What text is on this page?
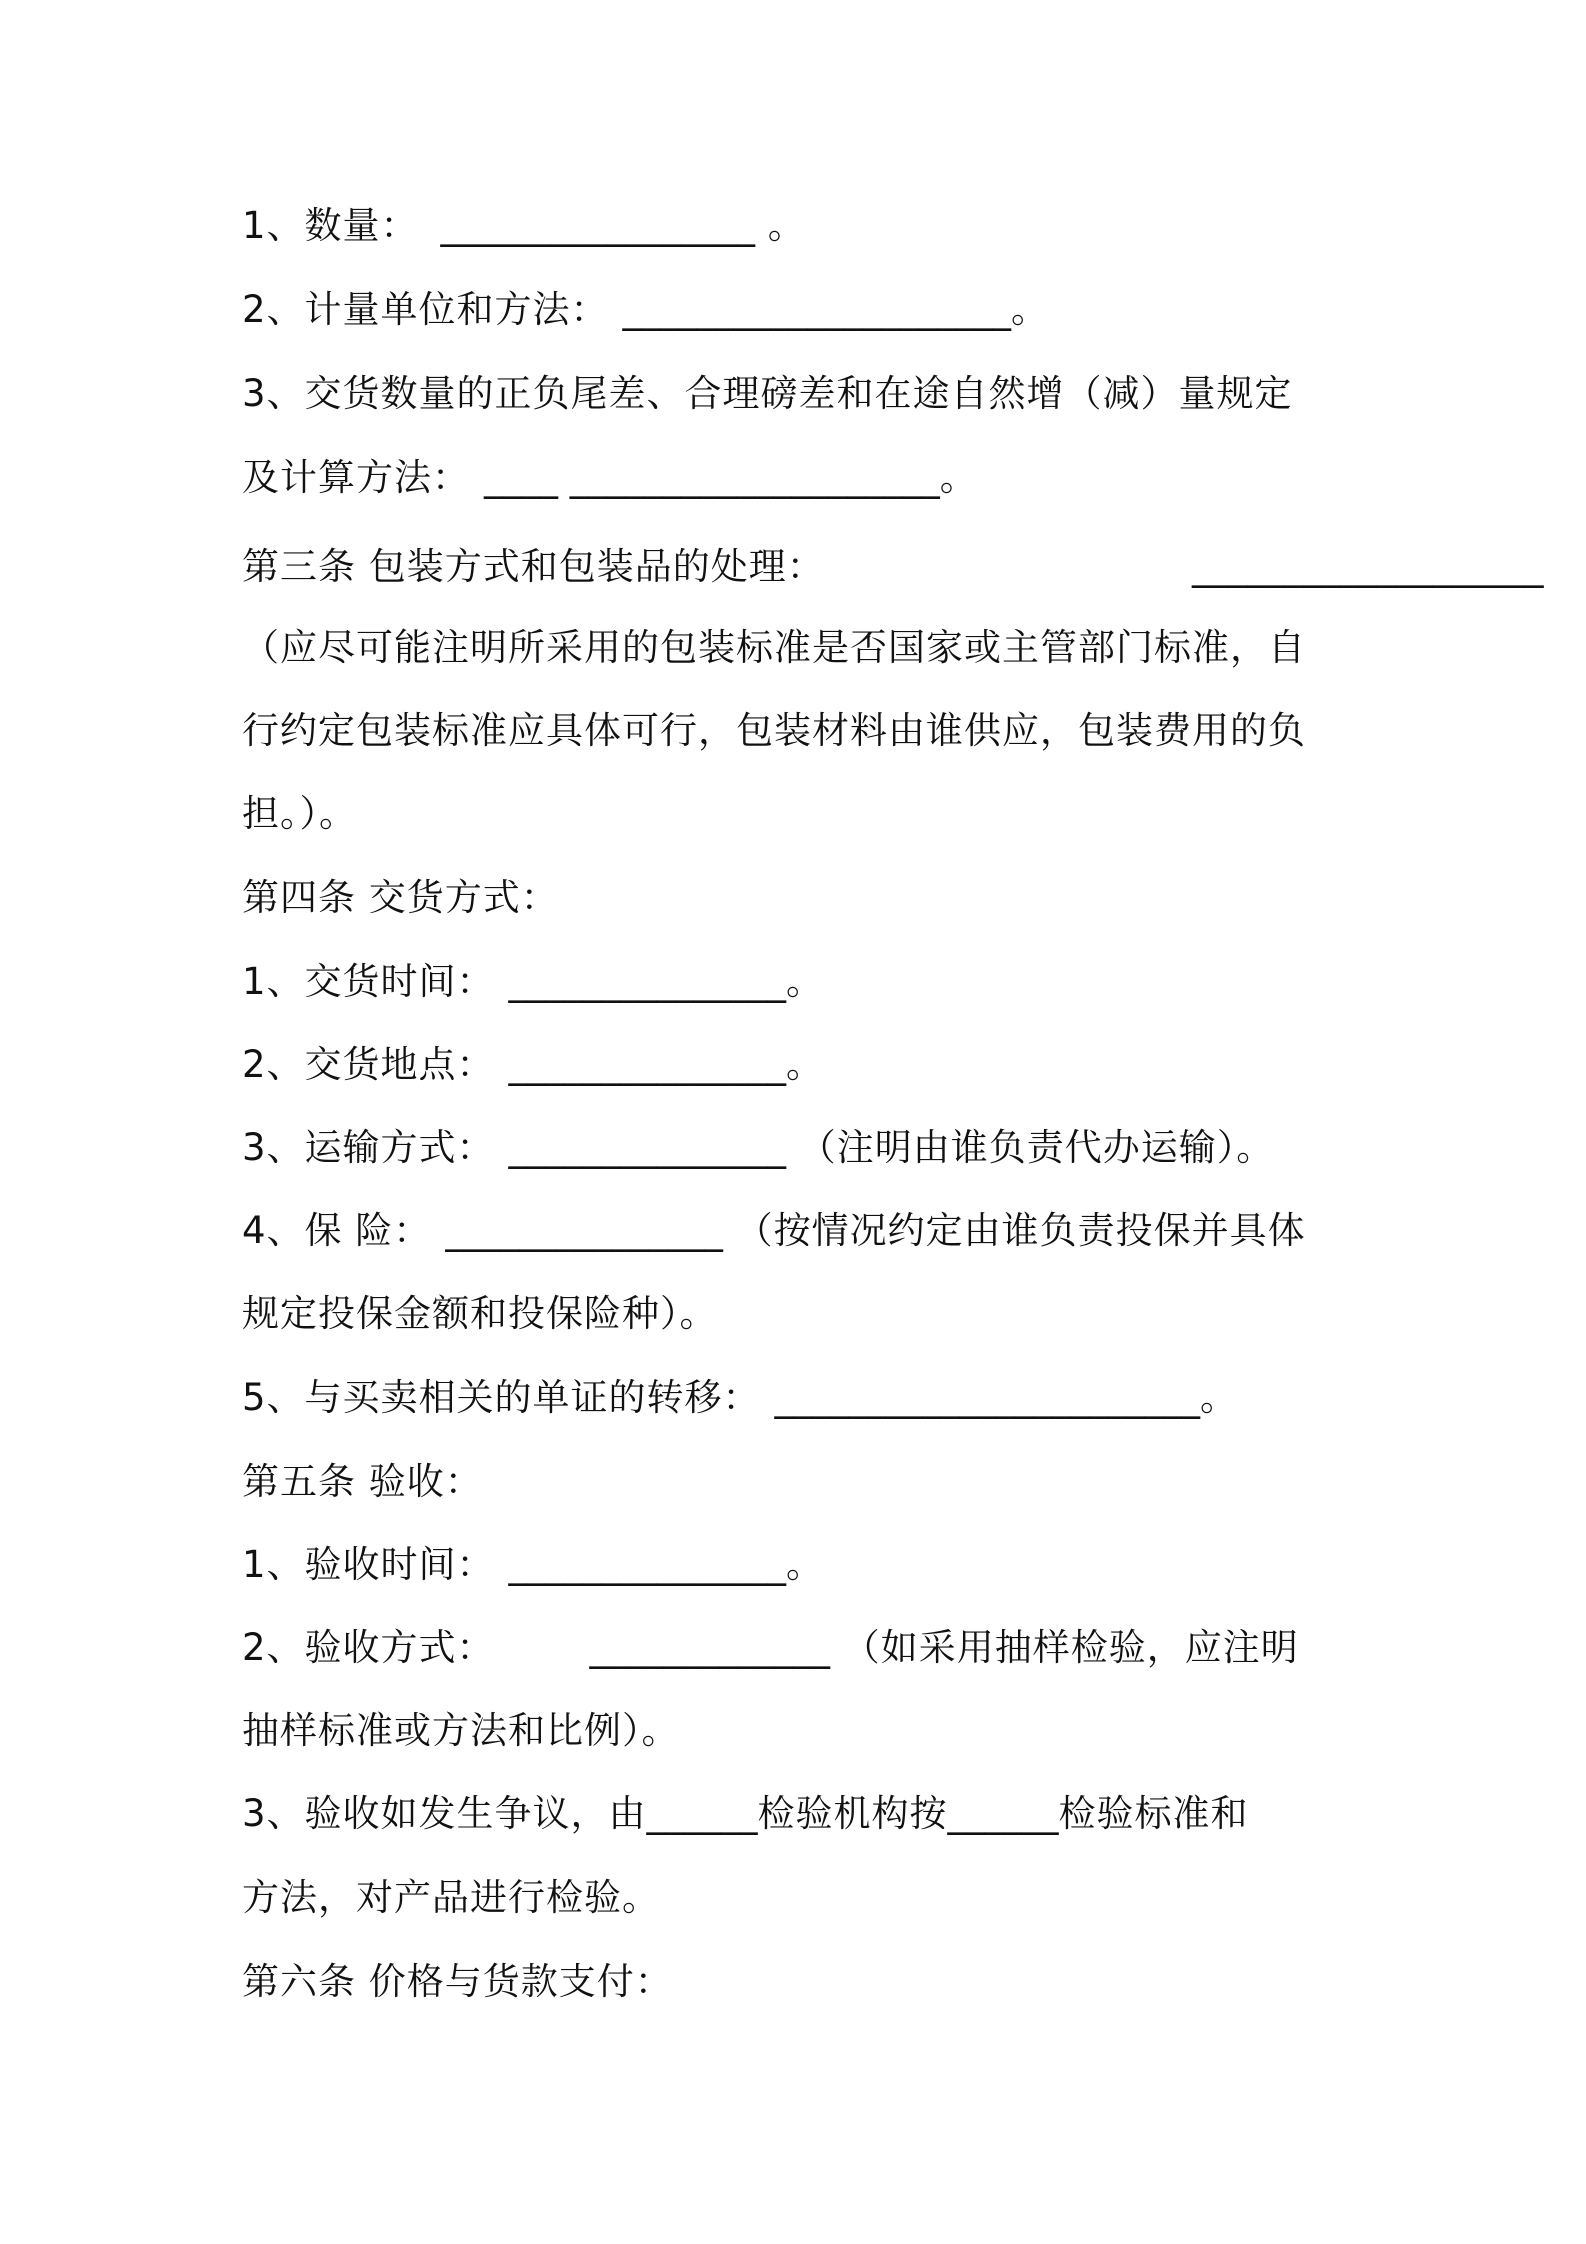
1、数量： _________________ 。
2、计量单位和方法： _____________________。
3、交货数量的正负尾差、合理磅差和在途自然增（减）量规定
及计算方法： ____ ____________________。
第三条 包装方式和包装品的处理：	___________________
（应尽可能注明所采用的包装标准是否国家或主管部门标准，自
行约定包装标准应具体可行，包装材料由谁供应，包装费用的负
担。）。
第四条 交货方式：
1、交货时间： _______________。
2、交货地点： _______________。
3、运输方式： _______________ （注明由谁负责代办运输）。
4、保 险： _______________ （按情况约定由谁负责投保并具体
规定投保金额和投保险种）。
5、与买卖相关的单证的转移： _______________________。
第五条 验收：
1、验收时间： _______________。
2、验收方式：	_____________ （如采用抽样检验，应注明
抽样标准或方法和比例）。
3、验收如发生争议，由______检验机构按______检验标准和
方法，对产品进行检验。
第六条 价格与货款支付：
